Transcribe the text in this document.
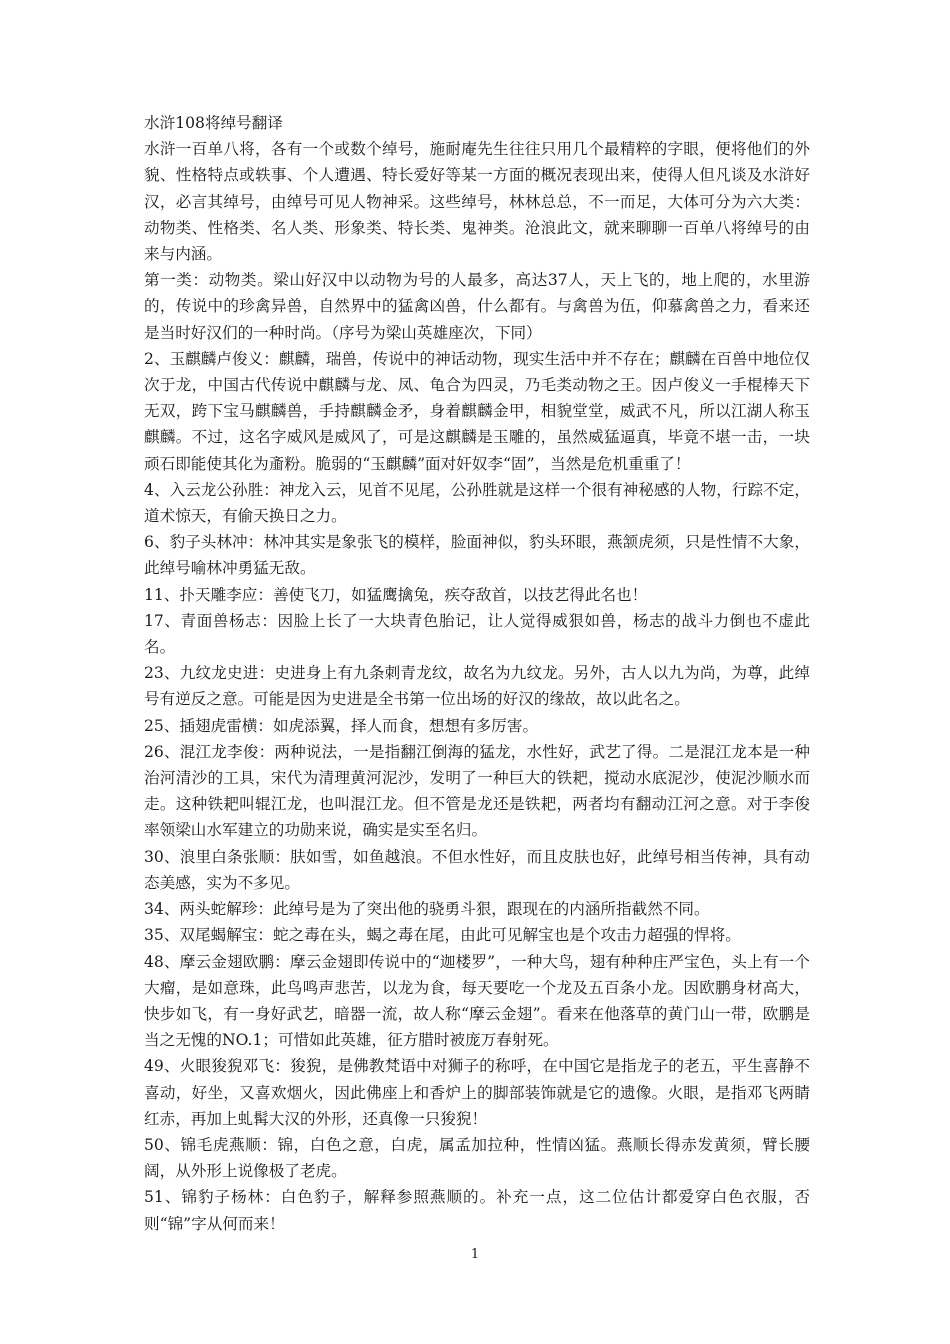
水浒108将绰号翻译

水浒一百单八将，各有一个或数个绰号，施耐庵先生往往只用几个最精粹的字眼，便将他们的外貌、性格特点或轶事、个人遭遇、特长爱好等某一方面的概况表现出来，使得人但凡谈及水浒好汉，必言其绰号，由绰号可见人物神采。这些绰号，林林总总，不一而足，大体可分为六大类：动物类、性格类、名人类、形象类、特长类、鬼神类。沧浪此文，就来聊聊一百单八将绰号的由来与内涵。

第一类：动物类。梁山好汉中以动物为号的人最多，高达37人，天上飞的，地上爬的，水里游的，传说中的珍禽异兽，自然界中的猛禽凶兽，什么都有。与禽兽为伍，仰慕禽兽之力，看来还是当时好汉们的一种时尚。（序号为梁山英雄座次，下同）

2、玉麒麟卢俊义：麒麟，瑞兽，传说中的神话动物，现实生活中并不存在；麒麟在百兽中地位仅次于龙，中国古代传说中麒麟与龙、凤、龟合为四灵，乃毛类动物之王。因卢俊义一手棍棒天下无双，跨下宝马麒麟兽，手持麒麟金矛，身着麒麟金甲，相貌堂堂，威武不凡，所以江湖人称玉麒麟。不过，这名字威风是威风了，可是这麒麟是玉雕的，虽然威猛逼真，毕竟不堪一击，一块顽石即能使其化为齑粉。脆弱的“玉麒麟”面对奸奴李“固”，当然是危机重重了！

4、入云龙公孙胜：神龙入云，见首不见尾，公孙胜就是这样一个很有神秘感的人物，行踪不定，道术惊天，有偷天换日之力。

6、豹子头林冲：林冲其实是象张飞的模样，脸面神似，豹头环眼，燕颔虎须，只是性情不大象，此绰号喻林冲勇猛无敌。

11、扑天雕李应：善使飞刀，如猛鹰擒兔，疾夺敌首，以技艺得此名也！

17、青面兽杨志：因脸上长了一大块青色胎记，让人觉得威狠如兽，杨志的战斗力倒也不虚此名。

23、九纹龙史进：史进身上有九条刺青龙纹，故名为九纹龙。另外，古人以九为尚，为尊，此绰号有逆反之意。可能是因为史进是全书第一位出场的好汉的缘故，故以此名之。

25、插翅虎雷横：如虎添翼，择人而食，想想有多厉害。

26、混江龙李俊：两种说法，一是指翻江倒海的猛龙，水性好，武艺了得。二是混江龙本是一种治河清沙的工具，宋代为清理黄河泥沙，发明了一种巨大的铁耙，搅动水底泥沙，使泥沙顺水而走。这种铁耙叫辊江龙，也叫混江龙。但不管是龙还是铁耙，两者均有翻动江河之意。对于李俊率领梁山水军建立的功勋来说，确实是实至名归。

30、浪里白条张顺：肤如雪，如鱼越浪。不但水性好，而且皮肤也好，此绰号相当传神，具有动态美感，实为不多见。

34、两头蛇解珍：此绰号是为了突出他的骁勇斗狠，跟现在的内涵所指截然不同。

35、双尾蝎解宝：蛇之毒在头，蝎之毒在尾，由此可见解宝也是个攻击力超强的悍将。

48、摩云金翅欧鹏：摩云金翅即传说中的“迦楼罗”，一种大鸟，翅有种种庄严宝色，头上有一个大瘤，是如意珠，此鸟鸣声悲苦，以龙为食，每天要吃一个龙及五百条小龙。因欧鹏身材高大，快步如飞，有一身好武艺，暗器一流，故人称“摩云金翅”。看来在他落草的黄门山一带，欧鹏是当之无愧的NO.1；可惜如此英雄，征方腊时被庞万春射死。

49、火眼狻猊邓飞：狻猊，是佛教梵语中对狮子的称呼，在中国它是指龙子的老五，平生喜静不喜动，好坐，又喜欢烟火，因此佛座上和香炉上的脚部装饰就是它的遗像。火眼，是指邓飞两睛红赤，再加上虬髯大汉的外形，还真像一只狻猊！

50、锦毛虎燕顺：锦，白色之意，白虎，属孟加拉种，性情凶猛。燕顺长得赤发黄须，臂长腰阔，从外形上说像极了老虎。

51、锦豹子杨林：白色豹子，解释参照燕顺的。补充一点，这二位估计都爱穿白色衣服，否则“锦”字从何而来！

1
